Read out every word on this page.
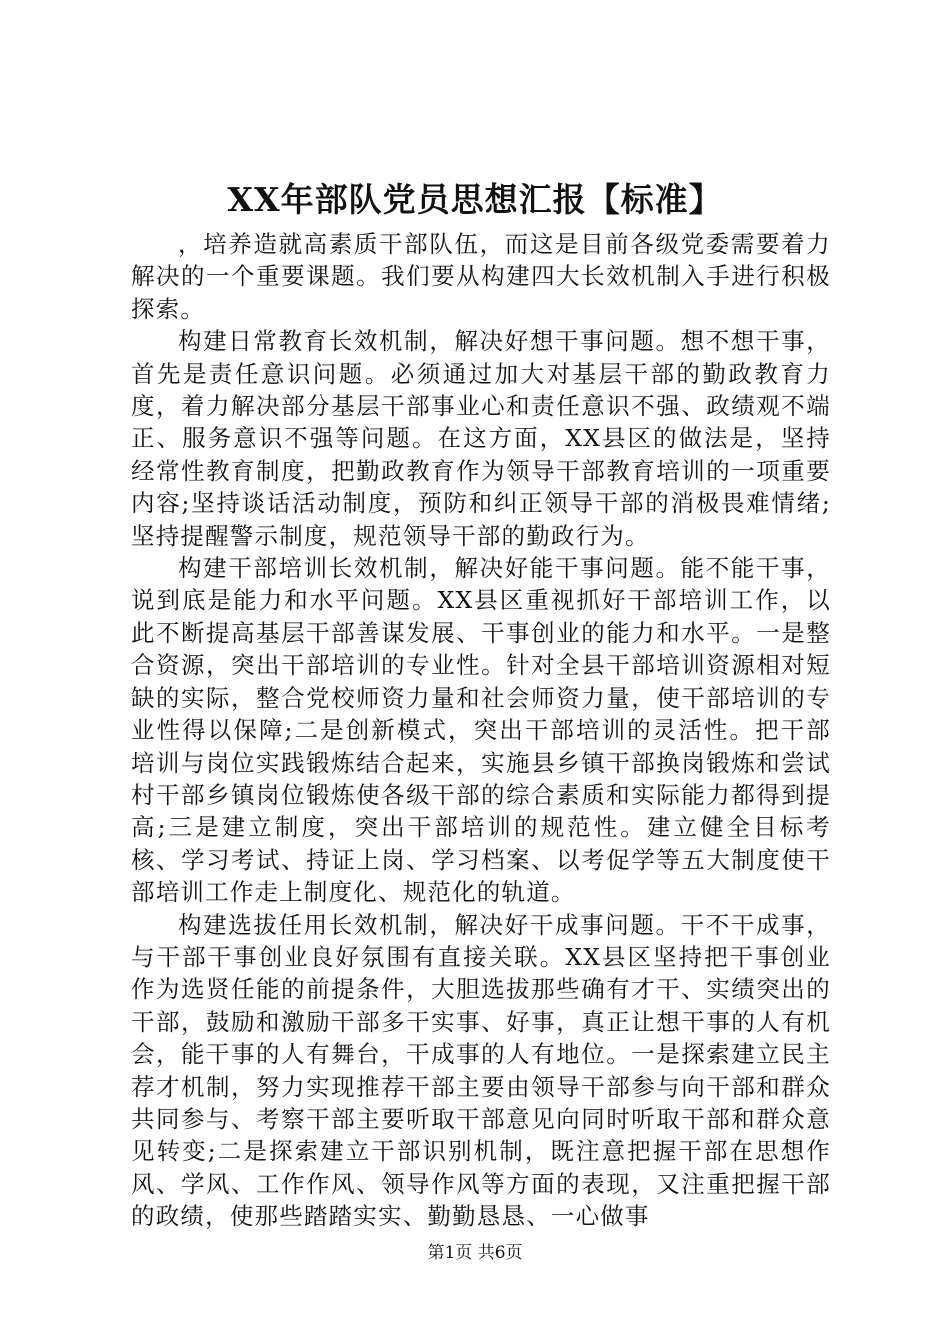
XX年部队党员思想汇报【标准】

，培养造就高素质干部队伍，而这是目前各级党委需要着力解决的一个重要课题。我们要从构建四大长效机制入手进行积极探索。

构建日常教育长效机制，解决好想干事问题。想不想干事，首先是责任意识问题。必须通过加大对基层干部的勤政教育力度，着力解决部分基层干部事业心和责任意识不强、政绩观不端正、服务意识不强等问题。在这方面，XX县区的做法是，坚持经常性教育制度，把勤政教育作为领导干部教育培训的一项重要内容;坚持谈话活动制度，预防和纠正领导干部的消极畏难情绪;坚持提醒警示制度，规范领导干部的勤政行为。

构建干部培训长效机制，解决好能干事问题。能不能干事，说到底是能力和水平问题。XX县区重视抓好干部培训工作，以此不断提高基层干部善谋发展、干事创业的能力和水平。一是整合资源，突出干部培训的专业性。针对全县干部培训资源相对短缺的实际，整合党校师资力量和社会师资力量，使干部培训的专业性得以保障;二是创新模式，突出干部培训的灵活性。把干部培训与岗位实践锻炼结合起来，实施县乡镇干部换岗锻炼和尝试村干部乡镇岗位锻炼使各级干部的综合素质和实际能力都得到提高;三是建立制度，突出干部培训的规范性。建立健全目标考核、学习考试、持证上岗、学习档案、以考促学等五大制度使干部培训工作走上制度化、规范化的轨道。

构建选拔任用长效机制，解决好干成事问题。干不干成事，与干部干事创业良好氛围有直接关联。XX县区坚持把干事创业作为选贤任能的前提条件，大胆选拔那些确有才干、实绩突出的干部，鼓励和激励干部多干实事、好事，真正让想干事的人有机会，能干事的人有舞台，干成事的人有地位。一是探索建立民主荐才机制，努力实现推荐干部主要由领导干部参与向干部和群众共同参与、考察干部主要听取干部意见向同时听取干部和群众意见转变;二是探索建立干部识别机制，既注意把握干部在思想作风、学风、工作作风、领导作风等方面的表现，又注重把握干部的政绩，使那些踏踏实实、勤勤恳恳、一心做事

第1页 共6页
